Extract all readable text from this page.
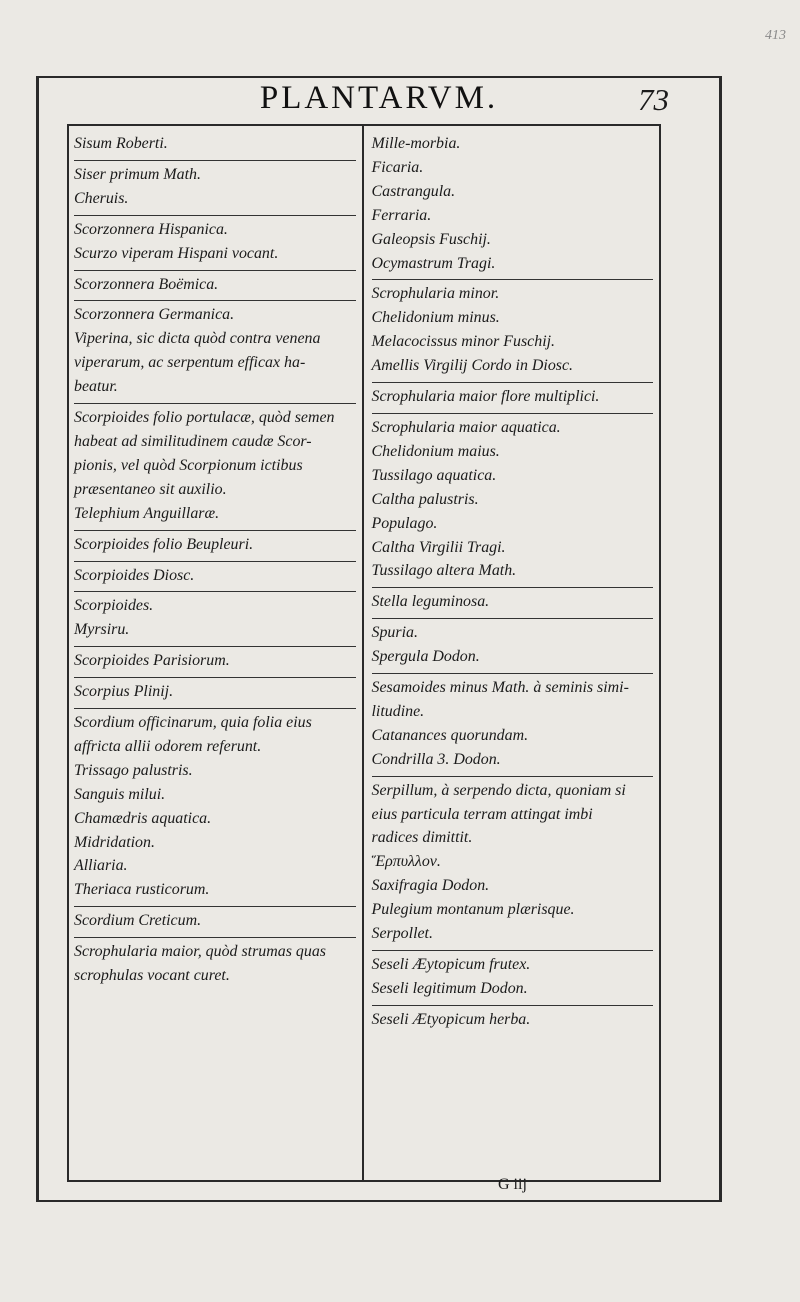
413
PLANTARVM.	73
Sisum Roberti.
Siser primum Math.
Cheruis.
Scorzonnera Hispanica.
Scurzo viperam Hispani vocant.
Scorzonnera Boëmica.
Scorzonnera Germanica.
Viperina, sic dicta quòd contra venena
viperarum, ac serpentum efficax ha-
beatur.
Scorpioides folio portulacæ, quòd semen
habeat ad similitudinem caudæ Scor-
pionis, vel quòd Scorpionum ictibus
præsentaneo sit auxilio.
Telephium Anguillaræ.
Scorpioides folio Beupleuri.
Scorpioides Diosc.
Scorpioides.
Myrsiru.
Scorpioides Parisiorum.
Scorpius Plinij.
Scordium officinarum, quia folia eius
affricta allii odorem referunt.
Trissago palustris.
Sanguis milui.
Chamædris aquatica.
Midridation.
Alliaria.
Theriaca rusticorum.
Scordium Creticum.
Scrophularia maior, quòd strumas quas
scrophulas vocant curet.
Mille-morbia.
Ficaria.
Castrangula.
Ferraria.
Galeopsis Fuschij.
Ocymastrum Tragi.
Scrophularia minor.
Chelidonium minus.
Melacocissus minor Fuschij.
Amellis Virgilij Cordo in Diosc.
Scrophularia maior flore multiplici.
Scrophularia maior aquatica.
Chelidonium maius.
Tussilago aquatica.
Caltha palustris.
Populago.
Caltha Virgilii Tragi.
Tussilago altera Math.
Stella leguminosa.
Spuria.
Spergula Dodon.
Sesamoides minus Math. à seminis simi-
litudine.
Catanances quorundam.
Condrilla 3. Dodon.
Serpillum, à serpendo dicta, quoniam si
eius particula terram attingat imbi
radices dimittit.
Ἕρπυλλον.
Saxifragia Dodon.
Pulegium montanum plærisque.
Serpollet.
Seseli Æytopicum frutex.
Seseli legitimum Dodon.
Seseli Ætyopicum herba.
G iij
